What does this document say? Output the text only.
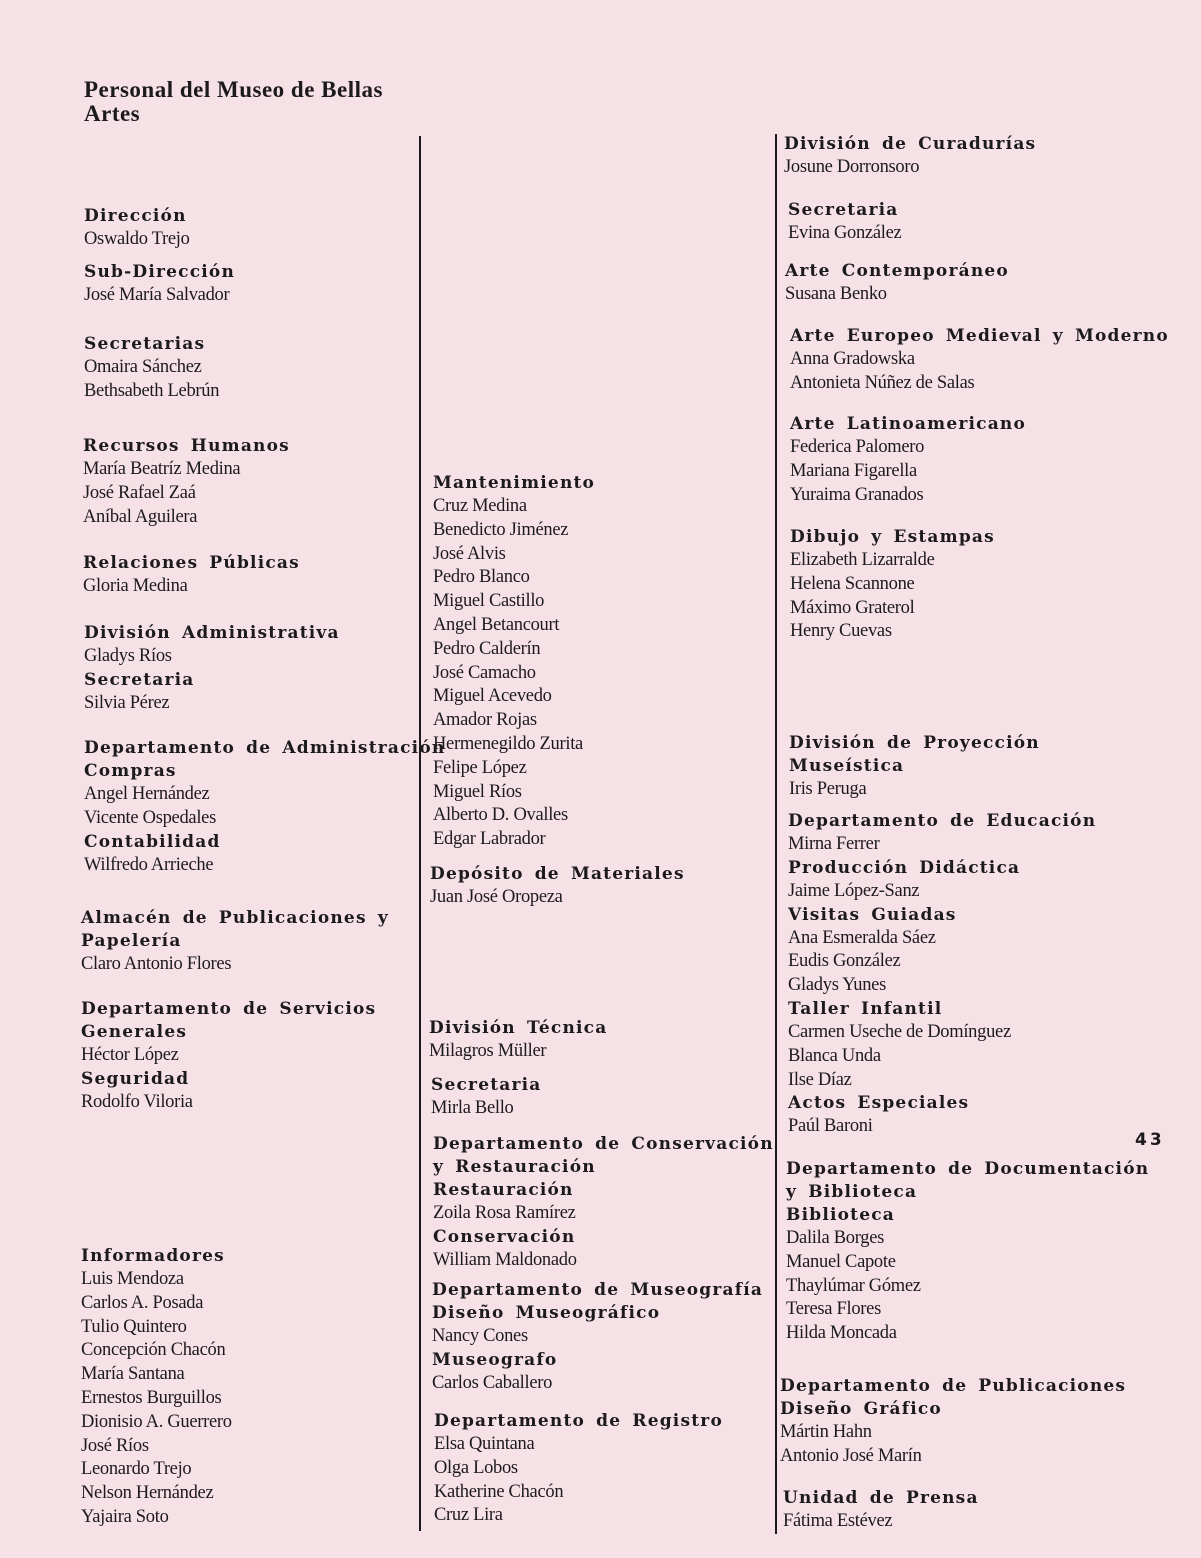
Personal del Museo de Bellas Artes
Dirección
Oswaldo Trejo
Sub-Dirección
José María Salvador
Secretarias
Omaira Sánchez
Bethsabeth Lebrún
Recursos Humanos
María Beatríz Medina
José Rafael Zaá
Aníbal Aguilera
Relaciones Públicas
Gloria Medina
División Administrativa
Gladys Ríos
Secretaria
Silvia Pérez
Departamento de Administración
Compras
Angel Hernández
Vicente Ospedales
Contabilidad
Wilfredo Arrieche
Almacén de Publicaciones y
Papelería
Claro Antonio Flores
Departamento de Servicios
Generales
Héctor López
Seguridad
Rodolfo Viloria
Informadores
Luis Mendoza
Carlos A. Posada
Tulio Quintero
Concepción Chacón
María Santana
Ernestos Burguillos
Dionisio A. Guerrero
José Ríos
Leonardo Trejo
Nelson Hernández
Yajaira Soto
Mantenimiento
Cruz Medina
Benedicto Jiménez
José Alvis
Pedro Blanco
Miguel Castillo
Angel Betancourt
Pedro Calderín
José Camacho
Miguel Acevedo
Amador Rojas
Hermenegildo Zurita
Felipe López
Miguel Ríos
Alberto D. Ovalles
Edgar Labrador
Depósito de Materiales
Juan José Oropeza
División Técnica
Milagros Müller
Secretaria
Mirla Bello
Departamento de Conservación
y Restauración
Restauración
Zoila Rosa Ramírez
Conservación
William Maldonado
Departamento de Museografía
Diseño Museográfico
Nancy Cones
Museografo
Carlos Caballero
Departamento de Registro
Elsa Quintana
Olga Lobos
Katherine Chacón
Cruz Lira
División de Curadurías
Josune Dorronsoro
Secretaria
Evina González
Arte Contemporáneo
Susana Benko
Arte Europeo Medieval y Moderno
Anna Gradowska
Antonieta Núñez de Salas
Arte Latinoamericano
Federica Palomero
Mariana Figarella
Yuraima Granados
Dibujo y Estampas
Elizabeth Lizarralde
Helena Scannone
Máximo Graterol
Henry Cuevas
División de Proyección
Museística
Iris Peruga
Departamento de Educación
Mirna Ferrer
Producción Didáctica
Jaime López-Sanz
Visitas Guiadas
Ana Esmeralda Sáez
Eudis González
Gladys Yunes
Taller Infantil
Carmen Useche de Domínguez
Blanca Unda
Ilse Díaz
Actos Especiales
Paúl Baroni
Departamento de Documentación
y Biblioteca
Biblioteca
Dalila Borges
Manuel Capote
Thaylúmar Gómez
Teresa Flores
Hilda Moncada
Departamento de Publicaciones
Diseño Gráfico
Mártin Hahn
Antonio José Marín
Unidad de Prensa
Fátima Estévez
43
